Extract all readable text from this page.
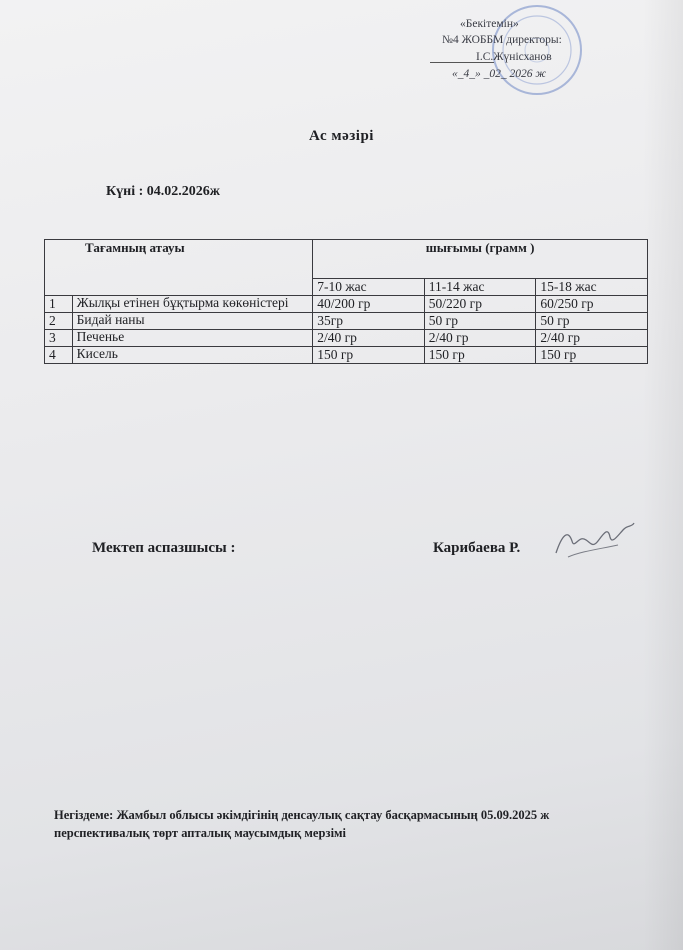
«Бекітемін»
№4 ЖОББМ директоры:
І.С.Жүнісханов
«_4_» _02_ 2026 ж
Ас мәзірі
Күні : 04.02.2026ж
Тағамның атауы		шығымы (грамм )		
		7-10 жас	11-14 жас	15-18 жас
1	Жылқы етінен бұқтырма көкөністері	40/200 гр	50/220 гр	60/250 гр
2	Бидай наны	35гр	50 гр	50 гр
3	Печенье	2/40 гр	2/40 гр	2/40 гр
4	Кисель	150 гр	150 гр	150 гр
Мектеп аспазшысы :	Карибаева Р.
Негіздеме: Жамбыл облысы әкімдігінің денсаулық сақтау басқармасының 05.09.2025 ж
перспективалық төрт апталық маусымдық мерзімі
